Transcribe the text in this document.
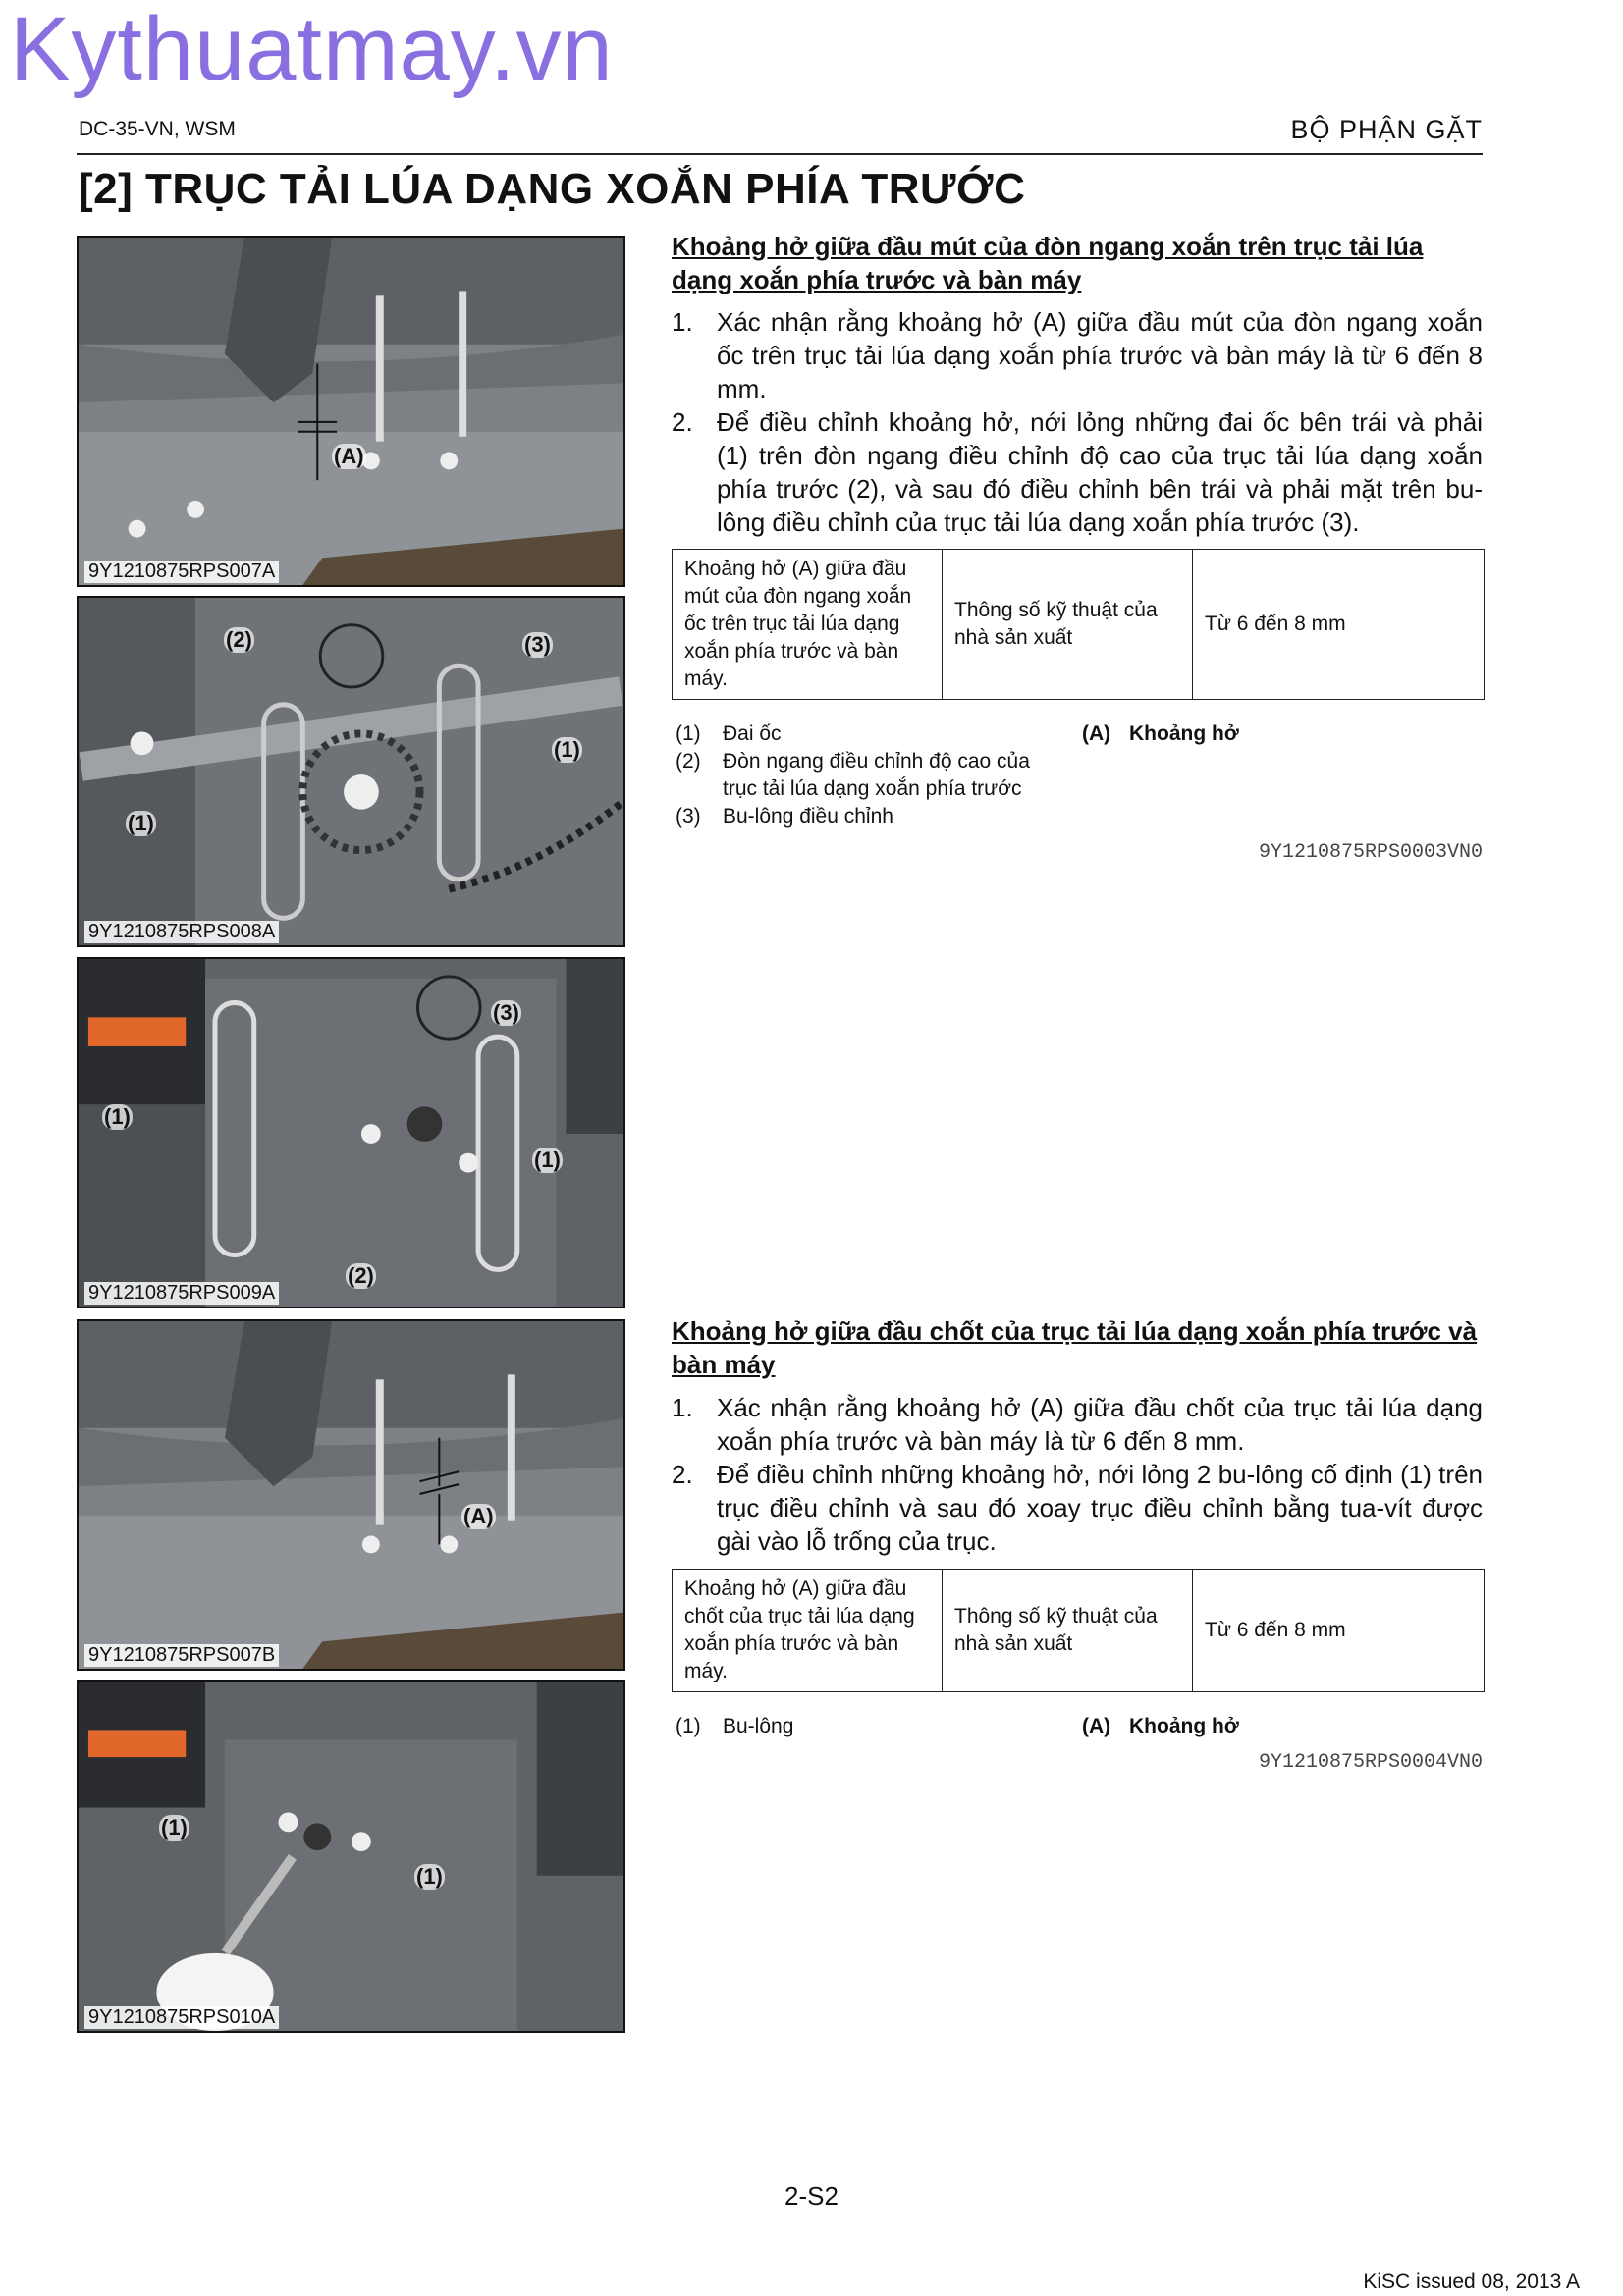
Kythuatmay.vn
DC-35-VN, WSM	BỘ PHẬN GẶT
[2] TRỤC TẢI LÚA DẠNG XOẮN PHÍA TRƯỚC
(A)
9Y1210875RPS007A
(2)	(3)
(1)
(1)
9Y1210875RPS008A
(3)
(1)
(1)
(2)
9Y1210875RPS009A
(A)
9Y1210875RPS007B
(1)
(1)
9Y1210875RPS010A
Khoảng hở giữa đầu mút của đòn ngang xoắn trên trục tải lúa dạng xoắn phía trước và bàn máy
1. Xác nhận rằng khoảng hở (A) giữa đầu mút của đòn ngang xoắn ốc trên trục tải lúa dạng xoắn phía trước và bàn máy là từ 6 đến 8 mm.
2. Để điều chỉnh khoảng hở, nới lỏng những đai ốc bên trái và phải (1) trên đòn ngang điều chỉnh độ cao của trục tải lúa dạng xoắn phía trước (2), và sau đó điều chỉnh bên trái và phải mặt trên bu-lông điều chỉnh của trục tải lúa dạng xoắn phía trước (3).
Khoảng hở (A) giữa đầu mút của đòn ngang xoắn ốc trên trục tải lúa dạng xoắn phía trước và bàn máy.	Thông số kỹ thuật của nhà sản xuất	Từ 6 đến 8 mm
(1)	Đai ốc
(2)	Đòn ngang điều chỉnh độ cao của trục tải lúa dạng xoắn phía trước
(3)	Bu-lông điều chỉnh
(A) Khoảng hở
9Y1210875RPS0003VN0
Khoảng hở giữa đầu chốt của trục tải lúa dạng xoắn phía trước và bàn máy
1. Xác nhận rằng khoảng hở (A) giữa đầu chốt của trục tải lúa dạng xoắn phía trước và bàn máy là từ 6 đến 8 mm.
2. Để điều chỉnh những khoảng hở, nới lỏng 2 bu-lông cố định (1) trên trục điều chỉnh và sau đó xoay trục điều chỉnh bằng tua-vít được gài vào lỗ trống của trục.
Khoảng hở (A) giữa đầu chốt của trục tải lúa dạng xoắn phía trước và bàn máy.	Thông số kỹ thuật của nhà sản xuất	Từ 6 đến 8 mm
(1)	Bu-lông	(A) Khoảng hở
9Y1210875RPS0004VN0
2-S2
KiSC issued 08, 2013 A
